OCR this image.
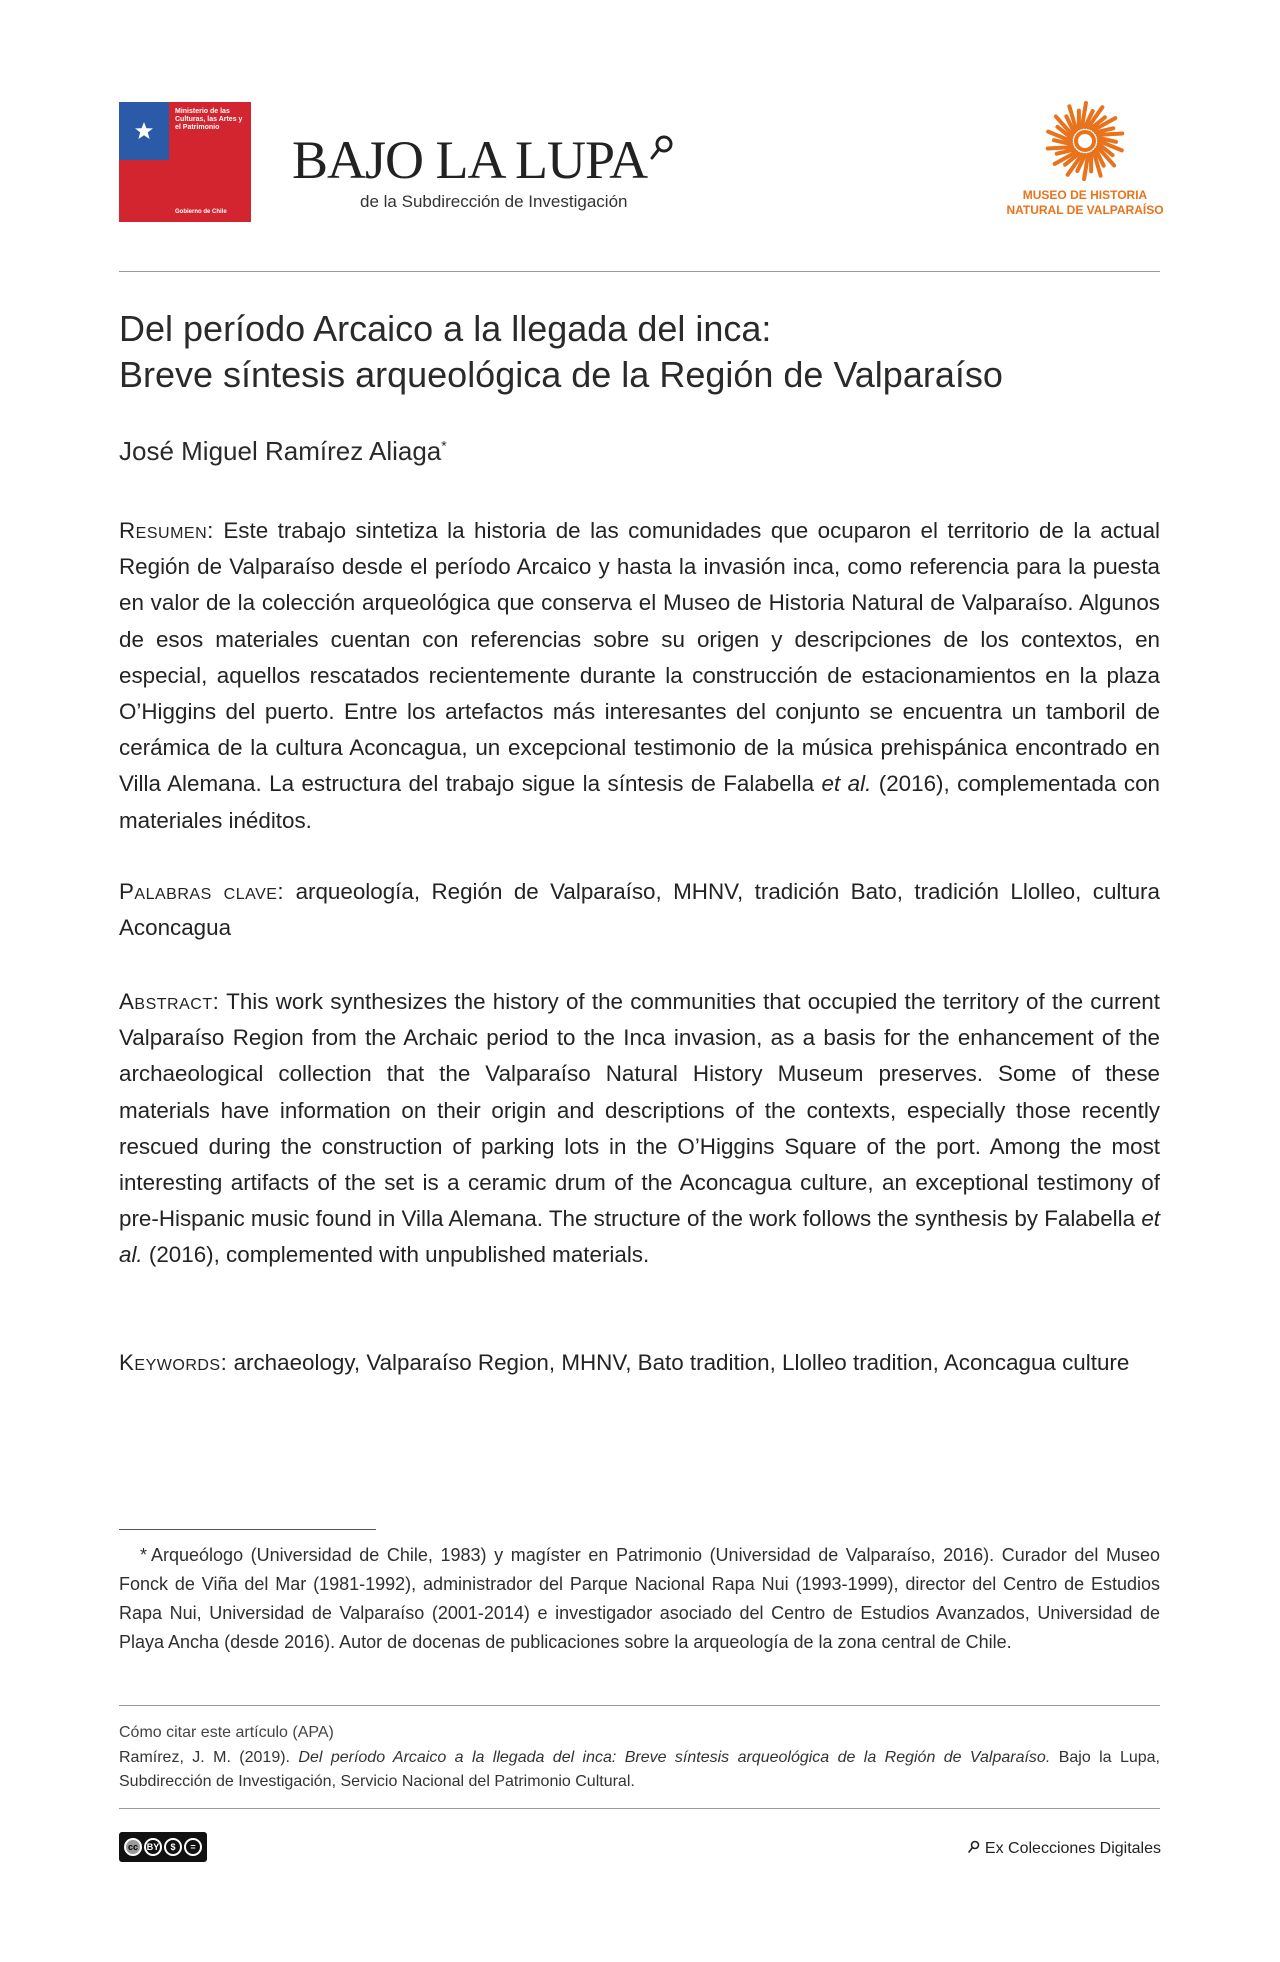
Ministerio de las Culturas, las Artes y el Patrimonio
Gobierno de Chile
BAJO LA LUPA
de la Subdirección de Investigación	MUSEO DE HISTORIA
NATURAL DE VALPARAÍSO
Del período Arcaico a la llegada del inca:
Breve síntesis arqueológica de la Región de Valparaíso
José Miguel Ramírez Aliaga*
Resumen: Este trabajo sintetiza la historia de las comunidades que ocuparon el territorio de la actual Región de Valparaíso desde el período Arcaico y hasta la invasión inca, como referencia para la puesta en valor de la colección arqueológica que conserva el Museo de Historia Natural de Valparaíso. Algunos de esos materiales cuentan con referencias sobre su origen y descripciones de los contextos, en especial, aquellos rescatados recientemente durante la construcción de estacionamientos en la plaza O’Higgins del puerto. Entre los artefactos más interesantes del conjunto se encuentra un tamboril de cerámica de la cultura Aconcagua, un excepcional testimonio de la música prehispánica encontrado en Villa Alemana. La estructura del trabajo sigue la síntesis de Falabella et al. (2016), complementada con materiales inéditos.
Palabras clave: arqueología, Región de Valparaíso, MHNV, tradición Bato, tradición Llolleo, cultura Aconcagua
Abstract: This work synthesizes the history of the communities that occupied the territory of the current Valparaíso Region from the Archaic period to the Inca invasion, as a basis for the enhancement of the archaeological collection that the Valparaíso Natural History Museum preserves. Some of these materials have information on their origin and descriptions of the contexts, especially those recently rescued during the construction of parking lots in the O’Higgins Square of the port. Among the most interesting artifacts of the set is a ceramic drum of the Aconcagua culture, an exceptional testimony of pre-Hispanic music found in Villa Alemana. The structure of the work follows the synthesis by Falabella et al. (2016), complemented with unpublished materials.
Keywords: archaeology, Valparaíso Region, MHNV, Bato tradition, Llolleo tradition, Aconcagua culture
* Arqueólogo (Universidad de Chile, 1983) y magíster en Patrimonio (Universidad de Valparaíso, 2016). Curador del Museo Fonck de Viña del Mar (1981-1992), administrador del Parque Nacional Rapa Nui (1993-1999), director del Centro de Estudios Rapa Nui, Universidad de Valparaíso (2001-2014) e investigador asociado del Centro de Estudios Avanzados, Universidad de Playa Ancha (desde 2016). Autor de docenas de publicaciones sobre la arqueología de la zona central de Chile.
Cómo citar este artículo (APA)
Ramírez, J. M. (2019). Del período Arcaico a la llegada del inca: Breve síntesis arqueológica de la Región de Valparaíso. Bajo la Lupa, Subdirección de Investigación, Servicio Nacional del Patrimonio Cultural.
cc BY	$	=	Ex Colecciones Digitales
